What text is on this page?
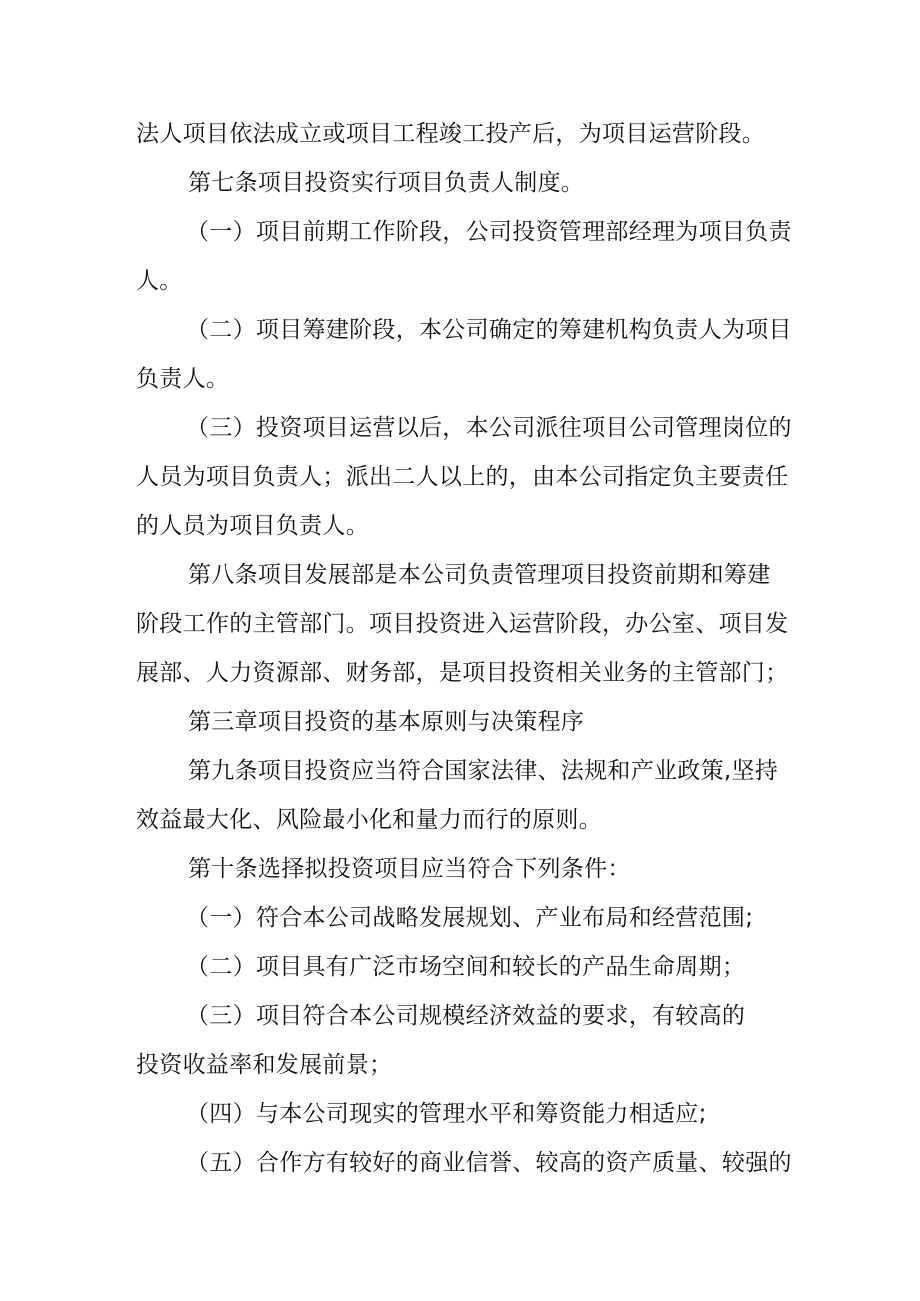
法人项目依法成立或项目工程竣工投产后，为项目运营阶段。
第七条项目投资实行项目负责人制度。
（一）项目前期工作阶段，公司投资管理部经理为项目负责
人。
（二）项目筹建阶段，本公司确定的筹建机构负责人为项目
负责人。
（三）投资项目运营以后，本公司派往项目公司管理岗位的
人员为项目负责人；派出二人以上的，由本公司指定负主要责任
的人员为项目负责人。
第八条项目发展部是本公司负责管理项目投资前期和筹建
阶段工作的主管部门。项目投资进入运营阶段，办公室、项目发
展部、人力资源部、财务部，是项目投资相关业务的主管部门；
第三章项目投资的基本原则与决策程序
第九条项目投资应当符合国家法律、法规和产业政策,坚持
效益最大化、风险最小化和量力而行的原则。
第十条选择拟投资项目应当符合下列条件：
（一）符合本公司战略发展规划、产业布局和经营范围;
（二）项目具有广泛市场空间和较长的产品生命周期；
（三）项目符合本公司规模经济效益的要求，有较高的
投资收益率和发展前景；
（四）与本公司现实的管理水平和筹资能力相适应;
（五）合作方有较好的商业信誉、较高的资产质量、较强的
